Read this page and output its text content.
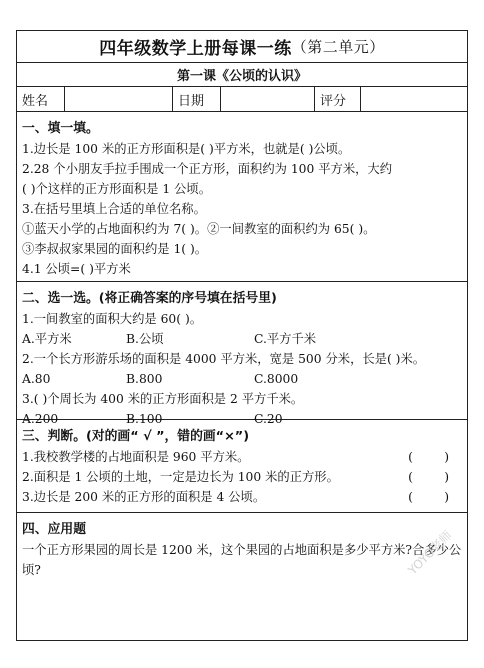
四年级数学上册每课一练 （第二单元）
第一课《公顷的认识》
姓名	日期	评分
一、填一填。
1.边长是 100 米的正方形面积是( )平方米，也就是( )公顷。
2.28 个小朋友手拉手围成一个正方形，面积约为 100 平方米，大约
( )个这样的正方形面积是 1 公顷。
3.在括号里填上合适的单位名称。
①蓝天小学的占地面积约为 7( )。②一间教室的面积约为 65( )。
③李叔叔家果园的面积约是 1( )。
4.1 公顷=( )平方米
二、选一选。(将正确答案的序号填在括号里)
1.一间教室的面积大约是 60( )。
A.平方米	B.公顷	C.平方千米
2.一个长方形游乐场的面积是 4000 平方米，宽是 500 分米，长是( )米。
A.80	B.800	C.8000
3.( )个周长为 400 米的正方形面积是 2 平方千米。
A.200	B.100	C.20
三、判断。(对的画“ √ ”，错的画“×”)
1.我校教学楼的占地面积是 960 平方米。	(        )
2.面积是 1 公顷的土地，一定是边长为 100 米的正方形。	(        )
3.边长是 200 米的正方形的面积是 4 公顷。	(        )
四、应用题
一个正方形果园的周长是 1200 米，这个果园的占地面积是多少平方米?合多少公顷?	YOYO老师
